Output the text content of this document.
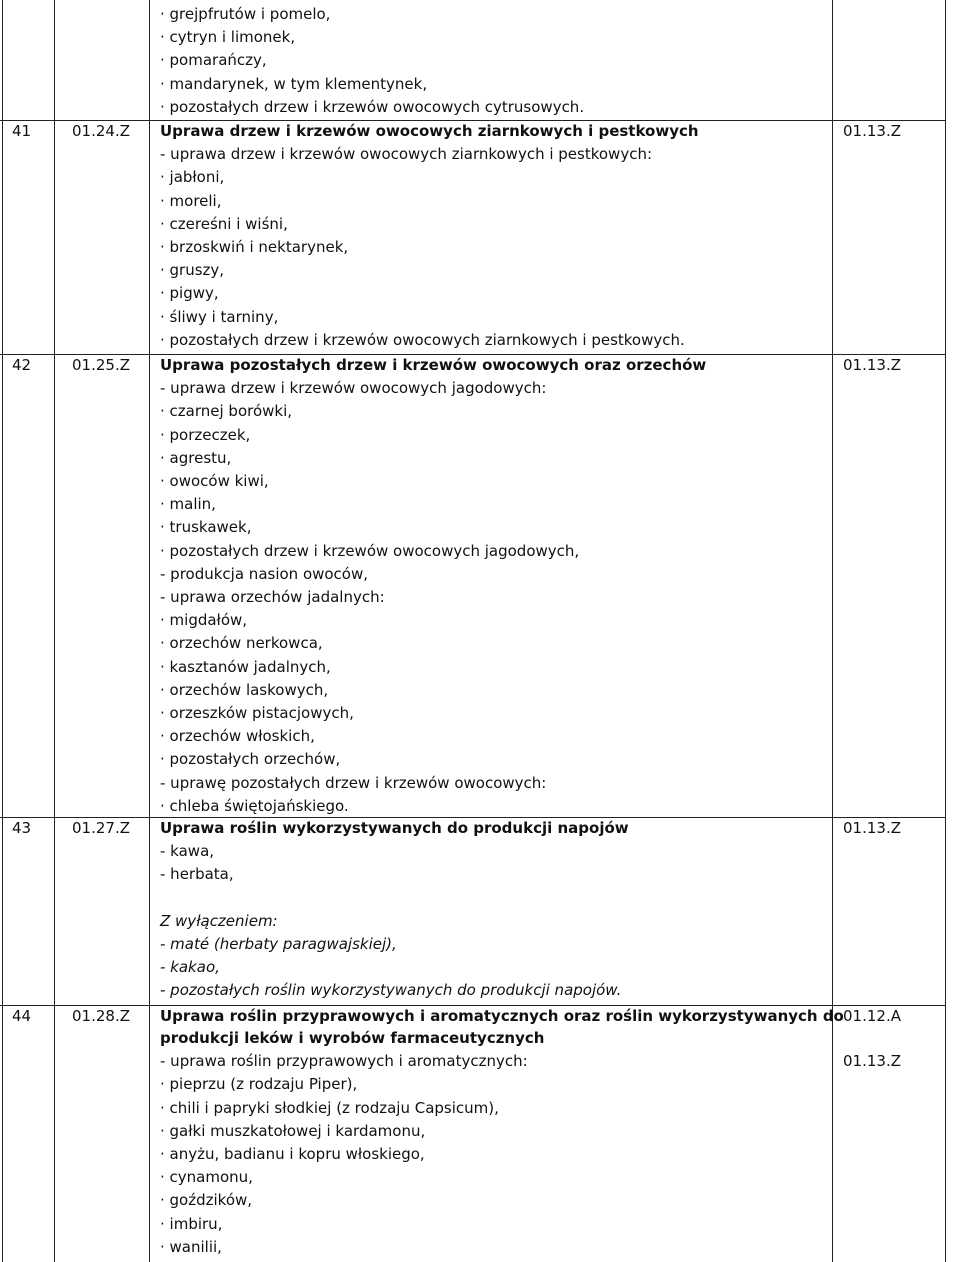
· grejpfrutów i pomelo,
· cytryn i limonek,
· pomarańczy,
· mandarynek, w tym klementynek,
· pozostałych drzew i krzewów owocowych cytrusowych.
41	01.24.Z Uprawa drzew i krzewów owocowych ziarnkowych i pestkowych
- uprawa drzew i krzewów owocowych ziarnkowych i pestkowych:
· jabłoni,
· moreli,
· czereśni i wiśni,
· brzoskwiń i nektarynek,
· gruszy,
· pigwy,
· śliwy i tarniny,
· pozostałych drzew i krzewów owocowych ziarnkowych i pestkowych.
01.13.Z
42	01.25.Z Uprawa pozostałych drzew i krzewów owocowych oraz orzechów
- uprawa drzew i krzewów owocowych jagodowych:
· czarnej borówki,
· porzeczek,
· agrestu,
· owoców kiwi,
· malin,
· truskawek,
· pozostałych drzew i krzewów owocowych jagodowych,
- produkcja nasion owoców,
- uprawa orzechów jadalnych:
· migdałów,
· orzechów nerkowca,
· kasztanów jadalnych,
· orzechów laskowych,
· orzeszków pistacjowych,
· orzechów włoskich,
· pozostałych orzechów,
- uprawę pozostałych drzew i krzewów owocowych:
· chleba świętojańskiego.
01.13.Z
43	01.27.Z Uprawa roślin wykorzystywanych do produkcji napojów
- kawa,
- herbata,
Z wyłączeniem:
- maté (herbaty paragwajskiej),
- kakao,
- pozostałych roślin wykorzystywanych do produkcji napojów.
01.13.Z
44	01.28.Z Uprawa roślin przyprawowych i aromatycznych oraz roślin wykorzystywanych do
produkcji leków i wyrobów farmaceutycznych
- uprawa roślin przyprawowych i aromatycznych:
· pieprzu (z rodzaju Piper),
· chili i papryki słodkiej (z rodzaju Capsicum),
· gałki muszkatołowej i kardamonu,
· anyżu, badianu i kopru włoskiego,
· cynamonu,
· goździków,
· imbiru,
· wanilii,
01.12.A
01.13.Z
